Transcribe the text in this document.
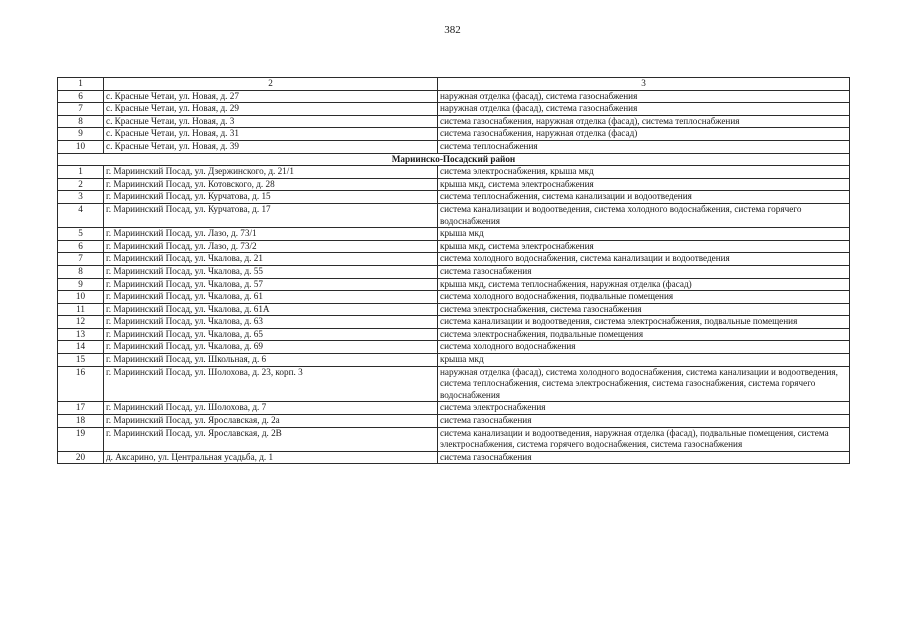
382
1	2	3
6	с. Красные Четаи, ул. Новая, д. 27	наружная отделка (фасад), система газоснабжения
7	с. Красные Четаи, ул. Новая, д. 29	наружная отделка (фасад), система газоснабжения
8	с. Красные Четаи, ул. Новая, д. 3	система газоснабжения, наружная отделка (фасад), система теплоснабжения
9	с. Красные Четаи, ул. Новая, д. 31	система газоснабжения, наружная отделка (фасад)
10	с. Красные Четаи, ул. Новая, д. 39	система теплоснабжения
Мариинско-Посадский район		
1	г. Мариинский Посад, ул. Дзержинского, д. 21/1	система электроснабжения, крыша мкд
2	г. Мариинский Посад, ул. Котовского, д. 28	крыша мкд, система электроснабжения
3	г. Мариинский Посад, ул. Курчатова, д. 15	система теплоснабжения, система канализации и водоотведения
4	г. Мариинский Посад, ул. Курчатова, д. 17	система канализации и водоотведения, система холодного водоснабжения, система горячего водоснабжения
5	г. Мариинский Посад, ул. Лазо, д. 73/1	крыша мкд
6	г. Мариинский Посад, ул. Лазо, д. 73/2	крыша мкд, система электроснабжения
7	г. Мариинский Посад, ул. Чкалова, д. 21	система холодного водоснабжения, система канализации и водоотведения
8	г. Мариинский Посад, ул. Чкалова, д. 55	система газоснабжения
9	г. Мариинский Посад, ул. Чкалова, д. 57	крыша мкд, система теплоснабжения, наружная отделка (фасад)
10	г. Мариинский Посад, ул. Чкалова, д. 61	система холодного водоснабжения, подвальные помещения
11	г. Мариинский Посад, ул. Чкалова, д. 61А	система электроснабжения, система газоснабжения
12	г. Мариинский Посад, ул. Чкалова, д. 63	система канализации и водоотведения, система электроснабжения, подвальные помещения
13	г. Мариинский Посад, ул. Чкалова, д. 65	система электроснабжения, подвальные помещения
14	г. Мариинский Посад, ул. Чкалова, д. 69	система холодного водоснабжения
15	г. Мариинский Посад, ул. Школьная, д. 6	крыша мкд
16	г. Мариинский Посад, ул. Шолохова, д. 23, корп. 3	наружная отделка (фасад), система холодного водоснабжения, система канализации и водоотведения, система теплоснабжения, система электроснабжения, система газоснабжения, система горячего водоснабжения
17	г. Мариинский Посад, ул. Шолохова, д. 7	система электроснабжения
18	г. Мариинский Посад, ул. Ярославская, д. 2а	система газоснабжения
19	г. Мариинский Посад, ул. Ярославская, д. 2В	система канализации и водоотведения, наружная отделка (фасад), подвальные помещения, система электроснабжения, система горячего водоснабжения, система газоснабжения
20	д. Аксарино, ул. Центральная усадьба, д. 1	система газоснабжения
